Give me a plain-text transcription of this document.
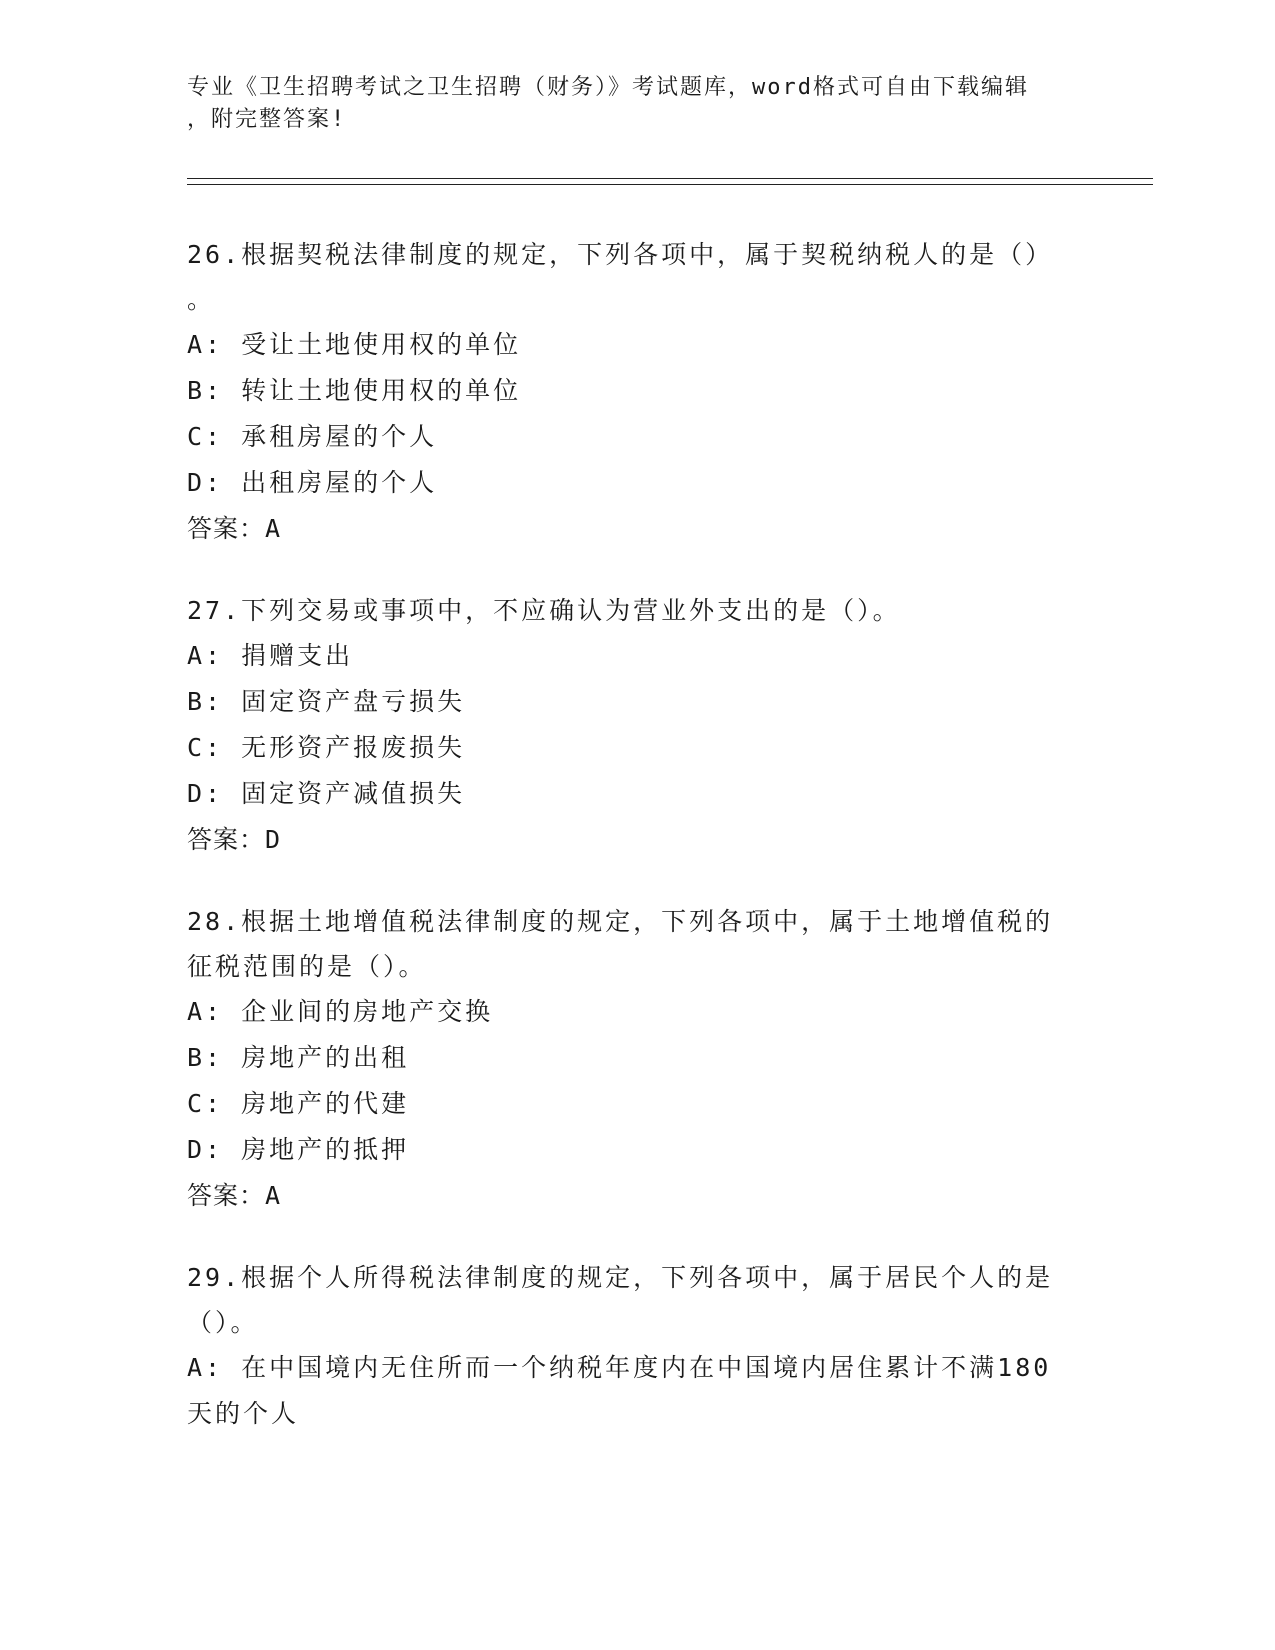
专业《卫生招聘考试之卫生招聘（财务）》考试题库，word格式可自由下载编辑
，附完整答案!

26.根据契税法律制度的规定，下列各项中，属于契税纳税人的是（）

。

A: 受让土地使用权的单位

B: 转让土地使用权的单位

C: 承租房屋的个人

D: 出租房屋的个人

答案：A

27.下列交易或事项中，不应确认为营业外支出的是（）。

A: 捐赠支出

B: 固定资产盘亏损失

C: 无形资产报废损失

D: 固定资产减值损失

答案：D

28.根据土地增值税法律制度的规定，下列各项中，属于土地增值税的

征税范围的是（）。

A: 企业间的房地产交换

B: 房地产的出租

C: 房地产的代建

D: 房地产的抵押

答案：A

29.根据个人所得税法律制度的规定，下列各项中，属于居民个人的是

（）。

A: 在中国境内无住所而一个纳税年度内在中国境内居住累计不满180

天的个人
